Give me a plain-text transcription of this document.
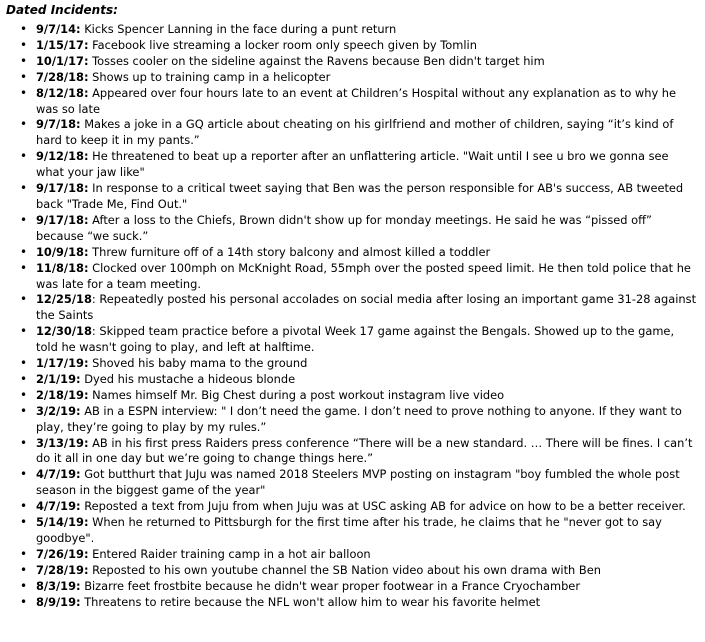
Dated Incidents:
• 9/7/14: Kicks Spencer Lanning in the face during a punt return
• 1/15/17: Facebook live streaming a locker room only speech given by Tomlin
• 10/1/17: Tosses cooler on the sideline against the Ravens because Ben didn't target him
• 7/28/18: Shows up to training camp in a helicopter
• 8/12/18: Appeared over four hours late to an event at Children’s Hospital without any explanation as to why he was so late
• 9/7/18: Makes a joke in a GQ article about cheating on his girlfriend and mother of children, saying “it’s kind of hard to keep it in my pants.”
• 9/12/18: He threatened to beat up a reporter after an unflattering article. "Wait until I see u bro we gonna see what your jaw like"
• 9/17/18: In response to a critical tweet saying that Ben was the person responsible for AB's success, AB tweeted back "Trade Me, Find Out."
• 9/17/18: After a loss to the Chiefs, Brown didn't show up for monday meetings. He said he was “pissed off” because “we suck.”
• 10/9/18: Threw furniture off of a 14th story balcony and almost killed a toddler
• 11/8/18: Clocked over 100mph on McKnight Road, 55mph over the posted speed limit. He then told police that he was late for a team meeting.
• 12/25/18: Repeatedly posted his personal accolades on social media after losing an important game 31-28 against the Saints
• 12/30/18: Skipped team practice before a pivotal Week 17 game against the Bengals. Showed up to the game, told he wasn't going to play, and left at halftime.
• 1/17/19: Shoved his baby mama to the ground
• 2/1/19: Dyed his mustache a hideous blonde
• 2/18/19: Names himself Mr. Big Chest during a post workout instagram live video
• 3/2/19: AB in a ESPN interview: " I don’t need the game. I don’t need to prove nothing to anyone. If they want to play, they’re going to play by my rules.”
• 3/13/19: AB in his first press Raiders press conference “There will be a new standard. … There will be fines. I can’t do it all in one day but we’re going to change things here.”
• 4/7/19: Got butthurt that JuJu was named 2018 Steelers MVP posting on instagram "boy fumbled the whole post season in the biggest game of the year"
• 4/7/19: Reposted a text from Juju from when Juju was at USC asking AB for advice on how to be a better receiver.
• 5/14/19: When he returned to Pittsburgh for the first time after his trade, he claims that he "never got to say goodbye".
• 7/26/19: Entered Raider training camp in a hot air balloon
• 7/28/19: Reposted to his own youtube channel the SB Nation video about his own drama with Ben
• 8/3/19: Bizarre feet frostbite because he didn't wear proper footwear in a France Cryochamber
• 8/9/19: Threatens to retire because the NFL won't allow him to wear his favorite helmet
